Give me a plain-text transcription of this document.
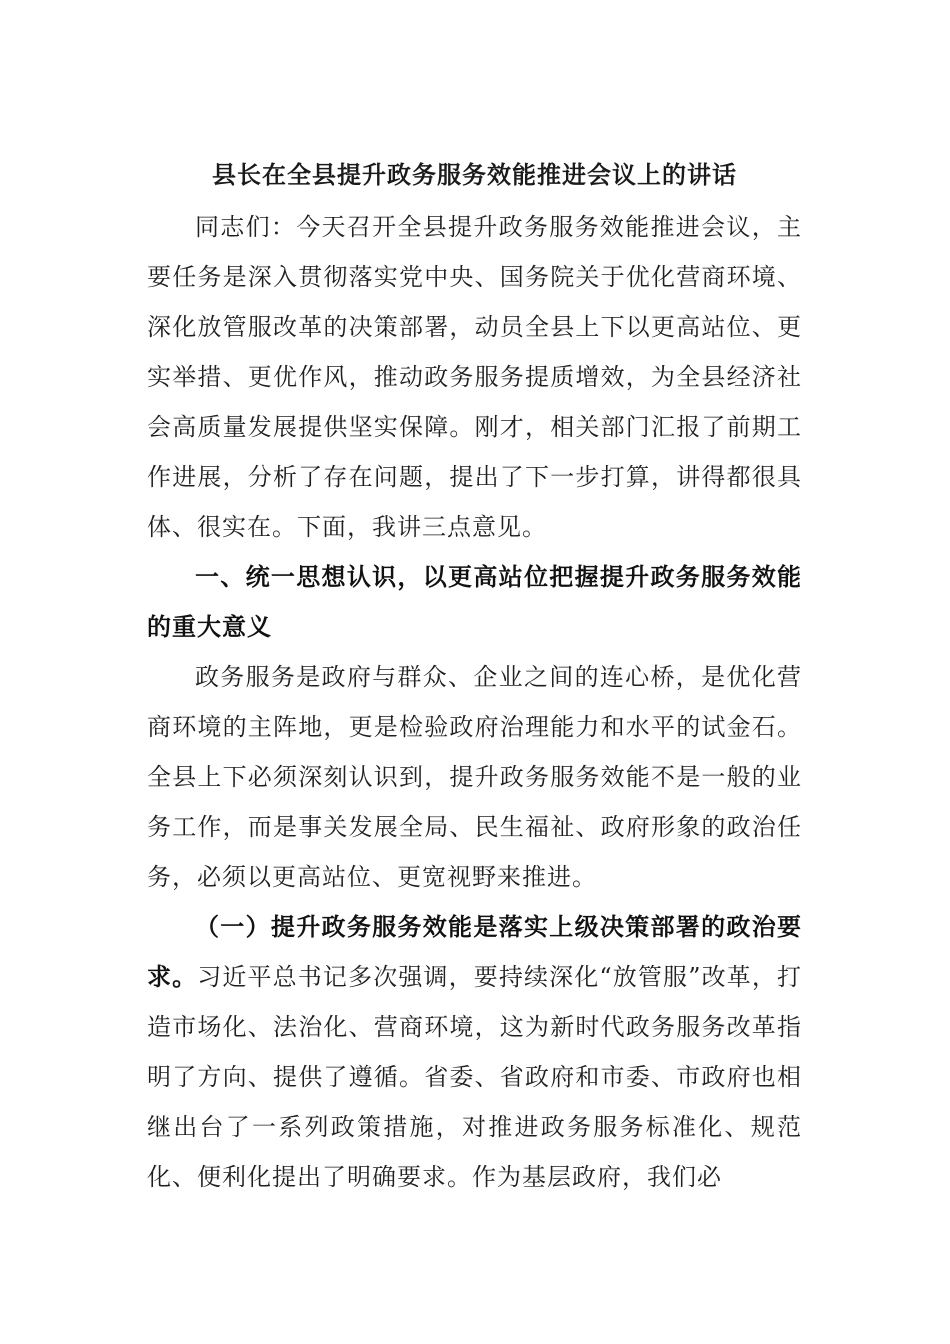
县长在全县提升政务服务效能推进会议上的讲话

同志们：今天召开全县提升政务服务效能推进会议，主要任务是深入贯彻落实党中央、国务院关于优化营商环境、深化放管服改革的决策部署，动员全县上下以更高站位、更实举措、更优作风，推动政务服务提质增效，为全县经济社会高质量发展提供坚实保障。刚才，相关部门汇报了前期工作进展，分析了存在问题，提出了下一步打算，讲得都很具体、很实在。下面，我讲三点意见。

一、统一思想认识，以更高站位把握提升政务服务效能的重大意义

政务服务是政府与群众、企业之间的连心桥，是优化营商环境的主阵地，更是检验政府治理能力和水平的试金石。全县上下必须深刻认识到，提升政务服务效能不是一般的业务工作，而是事关发展全局、民生福祉、政府形象的政治任务，必须以更高站位、更宽视野来推进。

（一）提升政务服务效能是落实上级决策部署的政治要求。习近平总书记多次强调，要持续深化“放管服”改革，打造市场化、法治化、营商环境，这为新时代政务服务改革指明了方向、提供了遵循。省委、省政府和市委、市政府也相继出台了一系列政策措施，对推进政务服务标准化、规范化、便利化提出了明确要求。作为基层政府，我们必
